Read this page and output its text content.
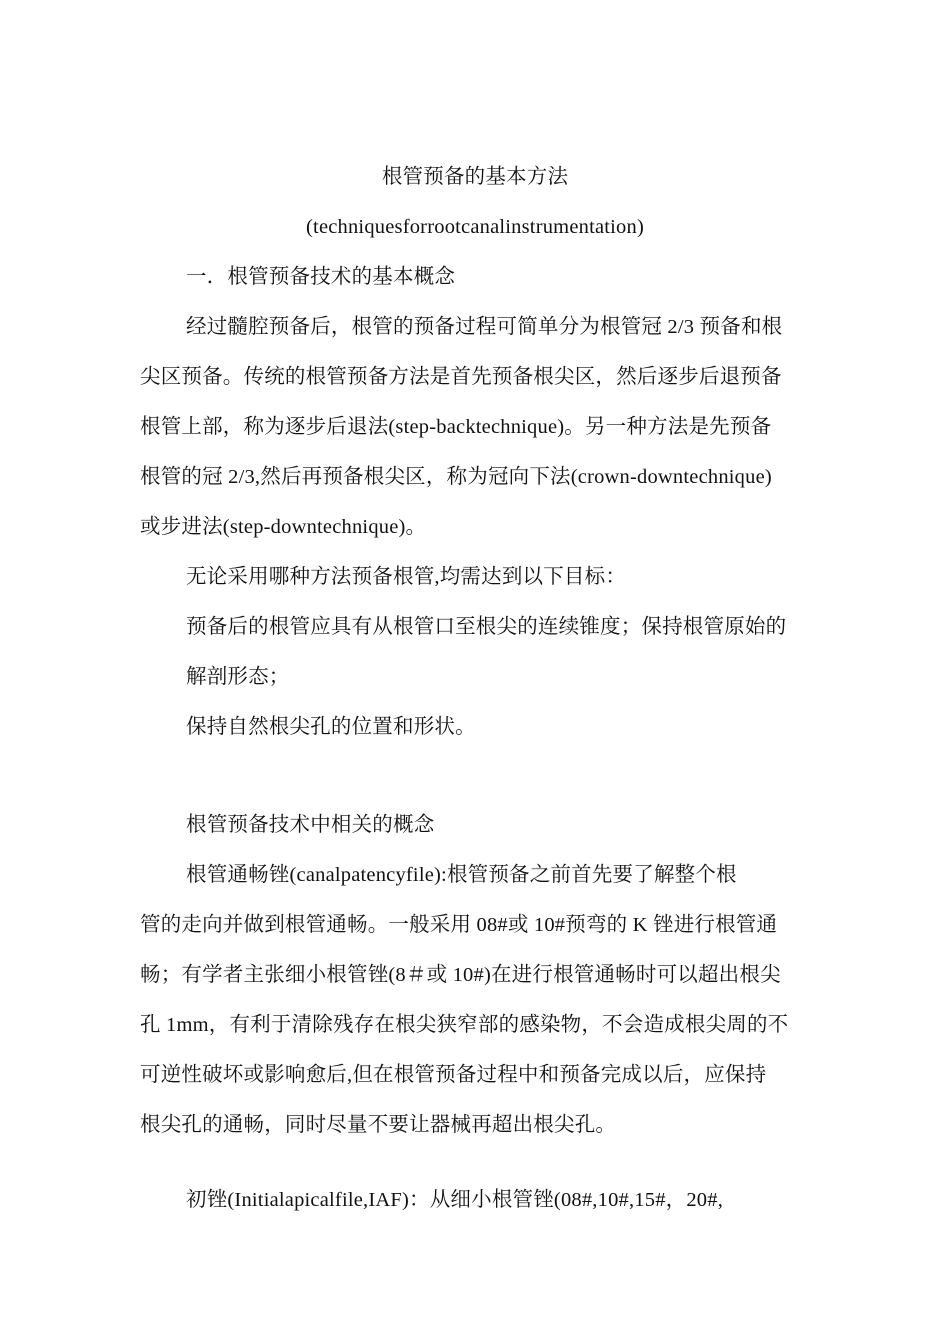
根管预备的基本方法
(techniquesforrootcanalinstrumentation)
一．根管预备技术的基本概念
经过髓腔预备后，根管的预备过程可简单分为根管冠 2/3 预备和根
尖区预备。传统的根管预备方法是首先预备根尖区，然后逐步后退预备
根管上部，称为逐步后退法(step-backtechnique)。另一种方法是先预备
根管的冠 2/3,然后再预备根尖区，称为冠向下法(crown-downtechnique)
或步进法(step-downtechnique)。
无论采用哪种方法预备根管,均需达到以下目标：
预备后的根管应具有从根管口至根尖的连续锥度；保持根管原始的
解剖形态；
保持自然根尖孔的位置和形状。
根管预备技术中相关的概念
根管通畅锉(canalpatencyfile):根管预备之前首先要了解整个根
管的走向并做到根管通畅。一般采用 08#或 10#预弯的 K 锉进行根管通
畅；有学者主张细小根管锉(8＃或 10#)在进行根管通畅时可以超出根尖
孔 1mm，有利于清除残存在根尖狭窄部的感染物，不会造成根尖周的不
可逆性破坏或影响愈后,但在根管预备过程中和预备完成以后，应保持
根尖孔的通畅，同时尽量不要让器械再超出根尖孔。
初锉(Initialapicalfile,IAF)：从细小根管锉(08#,10#,15#，20#,
